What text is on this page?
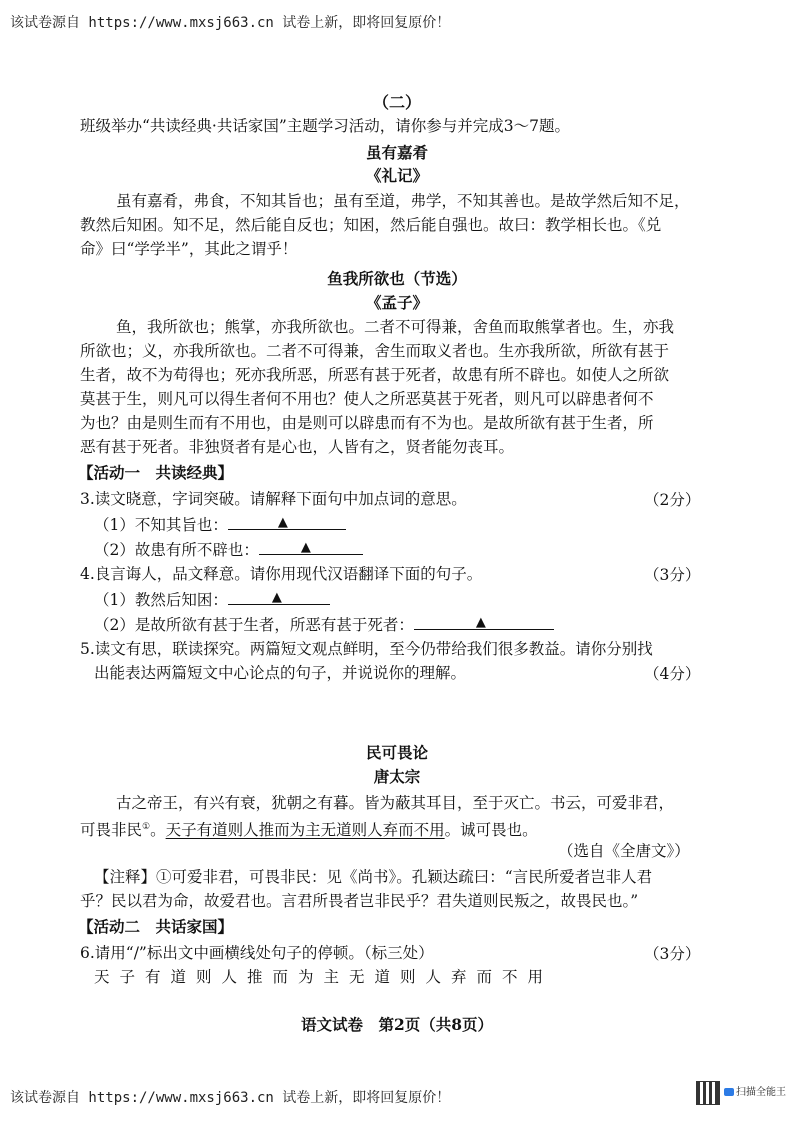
该试卷源自 https://www.mxsj663.cn 试卷上新，即将回复原价！
（二）
班级举办“共读经典·共话家国”主题学习活动，请你参与并完成3～7题。
虽有嘉肴
《礼记》
虽有嘉肴，弗食，不知其旨也；虽有至道，弗学，不知其善也。是故学然后知不足，
教然后知困。知不足，然后能自反也；知困，然后能自强也。故曰：教学相长也。《兑
命》曰“学学半”，其此之谓乎！
鱼我所欲也（节选）
《孟子》
鱼，我所欲也；熊掌，亦我所欲也。二者不可得兼，舍鱼而取熊掌者也。生，亦我
所欲也；义，亦我所欲也。二者不可得兼，舍生而取义者也。生亦我所欲，所欲有甚于
生者，故不为苟得也；死亦我所恶，所恶有甚于死者，故患有所不辟也。如使人之所欲
莫甚于生，则凡可以得生者何不用也？使人之所恶莫甚于死者，则凡可以辟患者何不
为也？由是则生而有不用也，由是则可以辟患而有不为也。是故所欲有甚于生者，所
恶有甚于死者。非独贤者有是心也，人皆有之，贤者能勿丧耳。
【活动一　共读经典】
3.读文晓意，字词突破。请解释下面句中加点词的意思。	（2分）
（1）不知其旨也：	▲
（2）故患有所不辟也：	▲
4.良言诲人，品文释意。请你用现代汉语翻译下面的句子。	（3分）
（1）教然后知困：	▲
（2）是故所欲有甚于生者，所恶有甚于死者：	▲
5.读文有思，联读探究。两篇短文观点鲜明，至今仍带给我们很多教益。请你分别找
出能表达两篇短文中心论点的句子，并说说你的理解。	（4分）
民可畏论
唐太宗
古之帝王，有兴有衰，犹朝之有暮。皆为蔽其耳目，至于灭亡。书云，可爱非君，
可畏非民①。天子有道则人推而为主无道则人弃而不用。诚可畏也。
（选自《全唐文》）
【注释】①可爱非君，可畏非民：见《尚书》。孔颖达疏曰：“言民所爱者岂非人君
乎？民以君为命，故爱君也。言君所畏者岂非民乎？君失道则民叛之，故畏民也。”
【活动二　共话家国】
6.请用“/”标出文中画横线处句子的停顿。（标三处）	（3分）
天子有道则人推而为主无道则人弃而不用
语文试卷　第2页（共8页）
该试卷源自 https://www.mxsj663.cn 试卷上新，即将回复原价！	扫描全能王
